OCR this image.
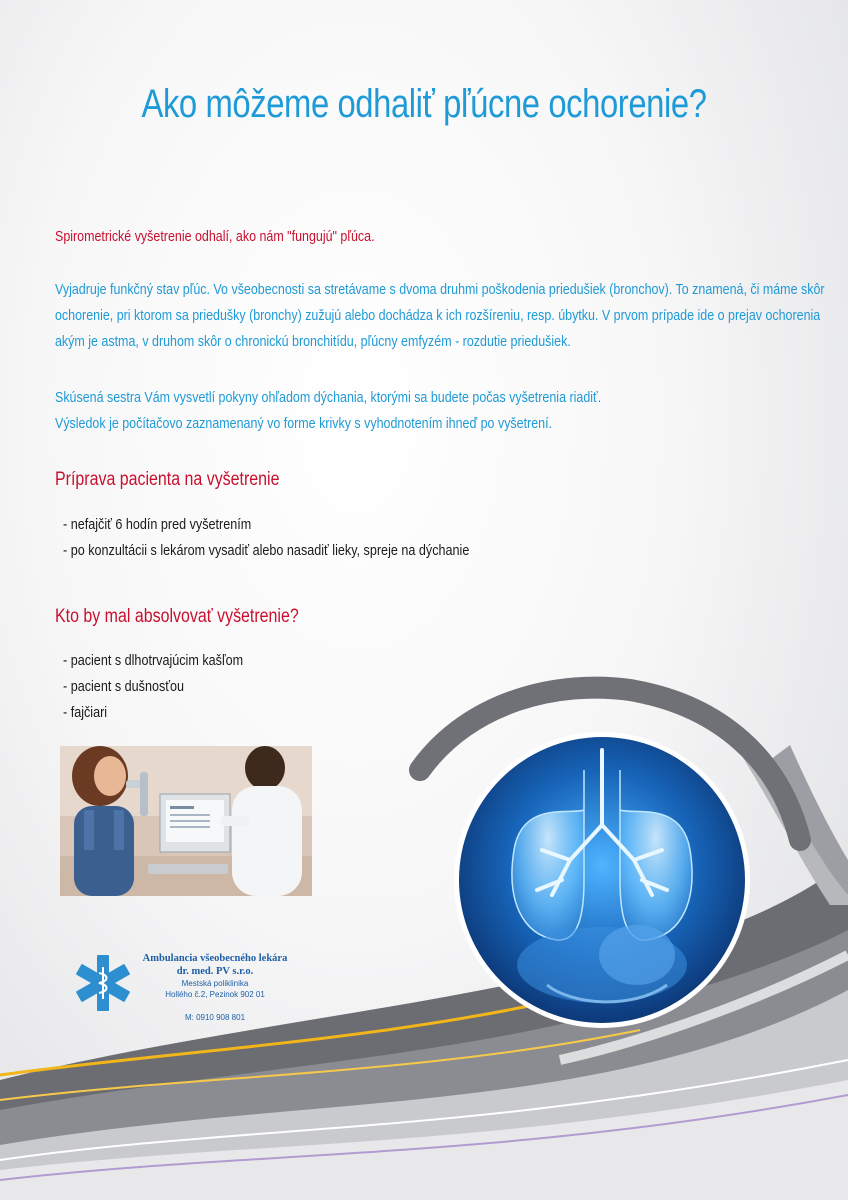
Ako môžeme odhaliť pľúcne ochorenie?
Spirometrické vyšetrenie odhalí, ako nám "fungujú" pľúca.
Vyjadruje funkčný stav pľúc. Vo všeobecnosti sa stretávame s dvoma druhmi poškodenia priedušiek (bronchov). To znamená, či máme skôr
ochorenie, pri ktorom sa priedušky (bronchy) zužujú alebo dochádza k ich rozšíreniu, resp. úbytku. V prvom prípade ide o prejav ochorenia
akým je astma, v druhom skôr o chronickú bronchitídu, pľúcny emfyzém - rozdutie priedušiek.
Skúsená sestra Vám vysvetlí pokyny ohľadom dýchania, ktorými sa budete počas vyšetrenia riadiť.
Výsledok je počítačovo zaznamenaný vo forme krivky s vyhodnotením ihneď po vyšetrení.
Príprava pacienta na vyšetrenie
- nefajčiť 6 hodín pred vyšetrením
- po konzultácii s lekárom vysadiť alebo nasadiť lieky, spreje na dýchanie
Kto by mal absolvovať vyšetrenie?
- pacient s dlhotrvajúcim kašľom
- pacient s dušnosťou
- fajčiari
Ambulancia všeobecného lekára
dr. med. PV s.r.o.
Mestská poliklinika
Hollého č.2, Pezinok 902 01
M: 0910 908 801
